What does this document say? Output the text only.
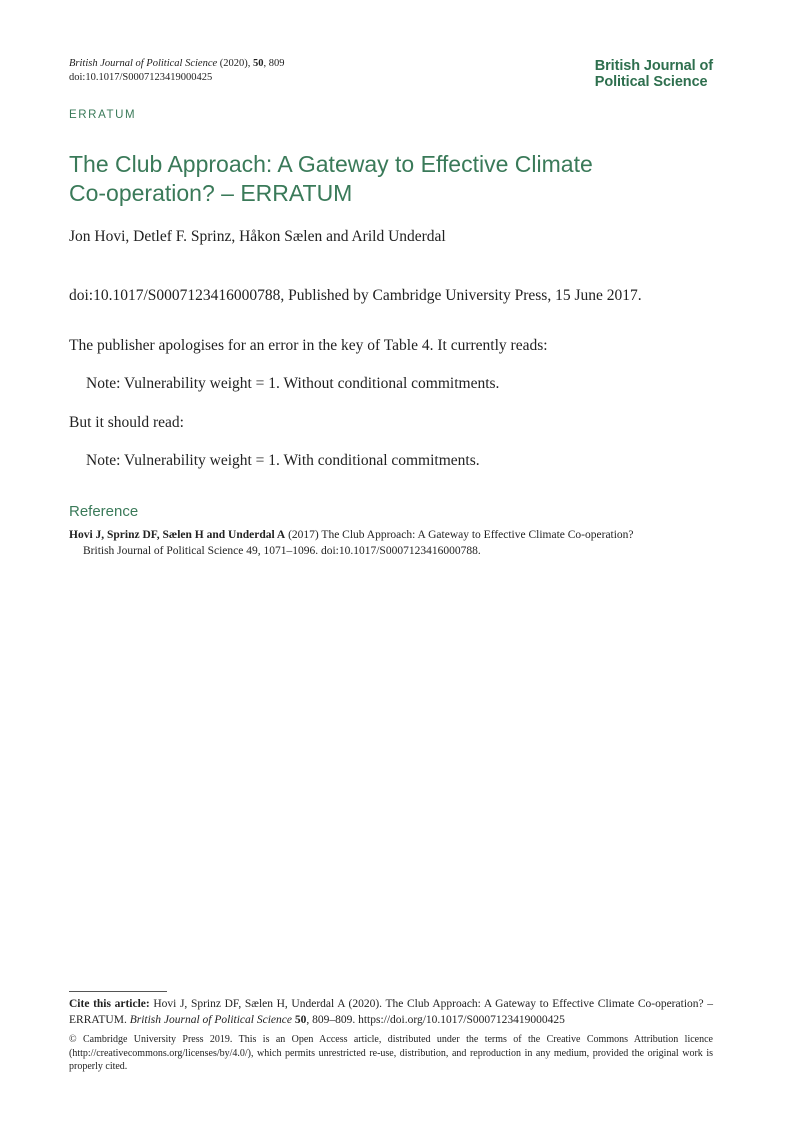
British Journal of Political Science (2020), 50, 809
doi:10.1017/S0007123419000425
British Journal of
Political Science
ERRATUM
The Club Approach: A Gateway to Effective Climate
Co-operation? – ERRATUM
Jon Hovi, Detlef F. Sprinz, Håkon Sælen and Arild Underdal
doi:10.1017/S0007123416000788, Published by Cambridge University Press, 15 June 2017.
The publisher apologises for an error in the key of Table 4. It currently reads:
Note: Vulnerability weight = 1. Without conditional commitments.
But it should read:
Note: Vulnerability weight = 1. With conditional commitments.
Reference
Hovi J, Sprinz DF, Sælen H and Underdal A (2017) The Club Approach: A Gateway to Effective Climate Co-operation?
British Journal of Political Science 49, 1071–1096. doi:10.1017/S0007123416000788.
Cite this article: Hovi J, Sprinz DF, Sælen H, Underdal A (2020). The Club Approach: A Gateway to Effective Climate Co-operation? – ERRATUM. British Journal of Political Science 50, 809–809. https://doi.org/10.1017/S0007123419000425
© Cambridge University Press 2019. This is an Open Access article, distributed under the terms of the Creative Commons Attribution licence (http://creativecommons.org/licenses/by/4.0/), which permits unrestricted re-use, distribution, and reproduction in any medium, provided the original work is properly cited.
